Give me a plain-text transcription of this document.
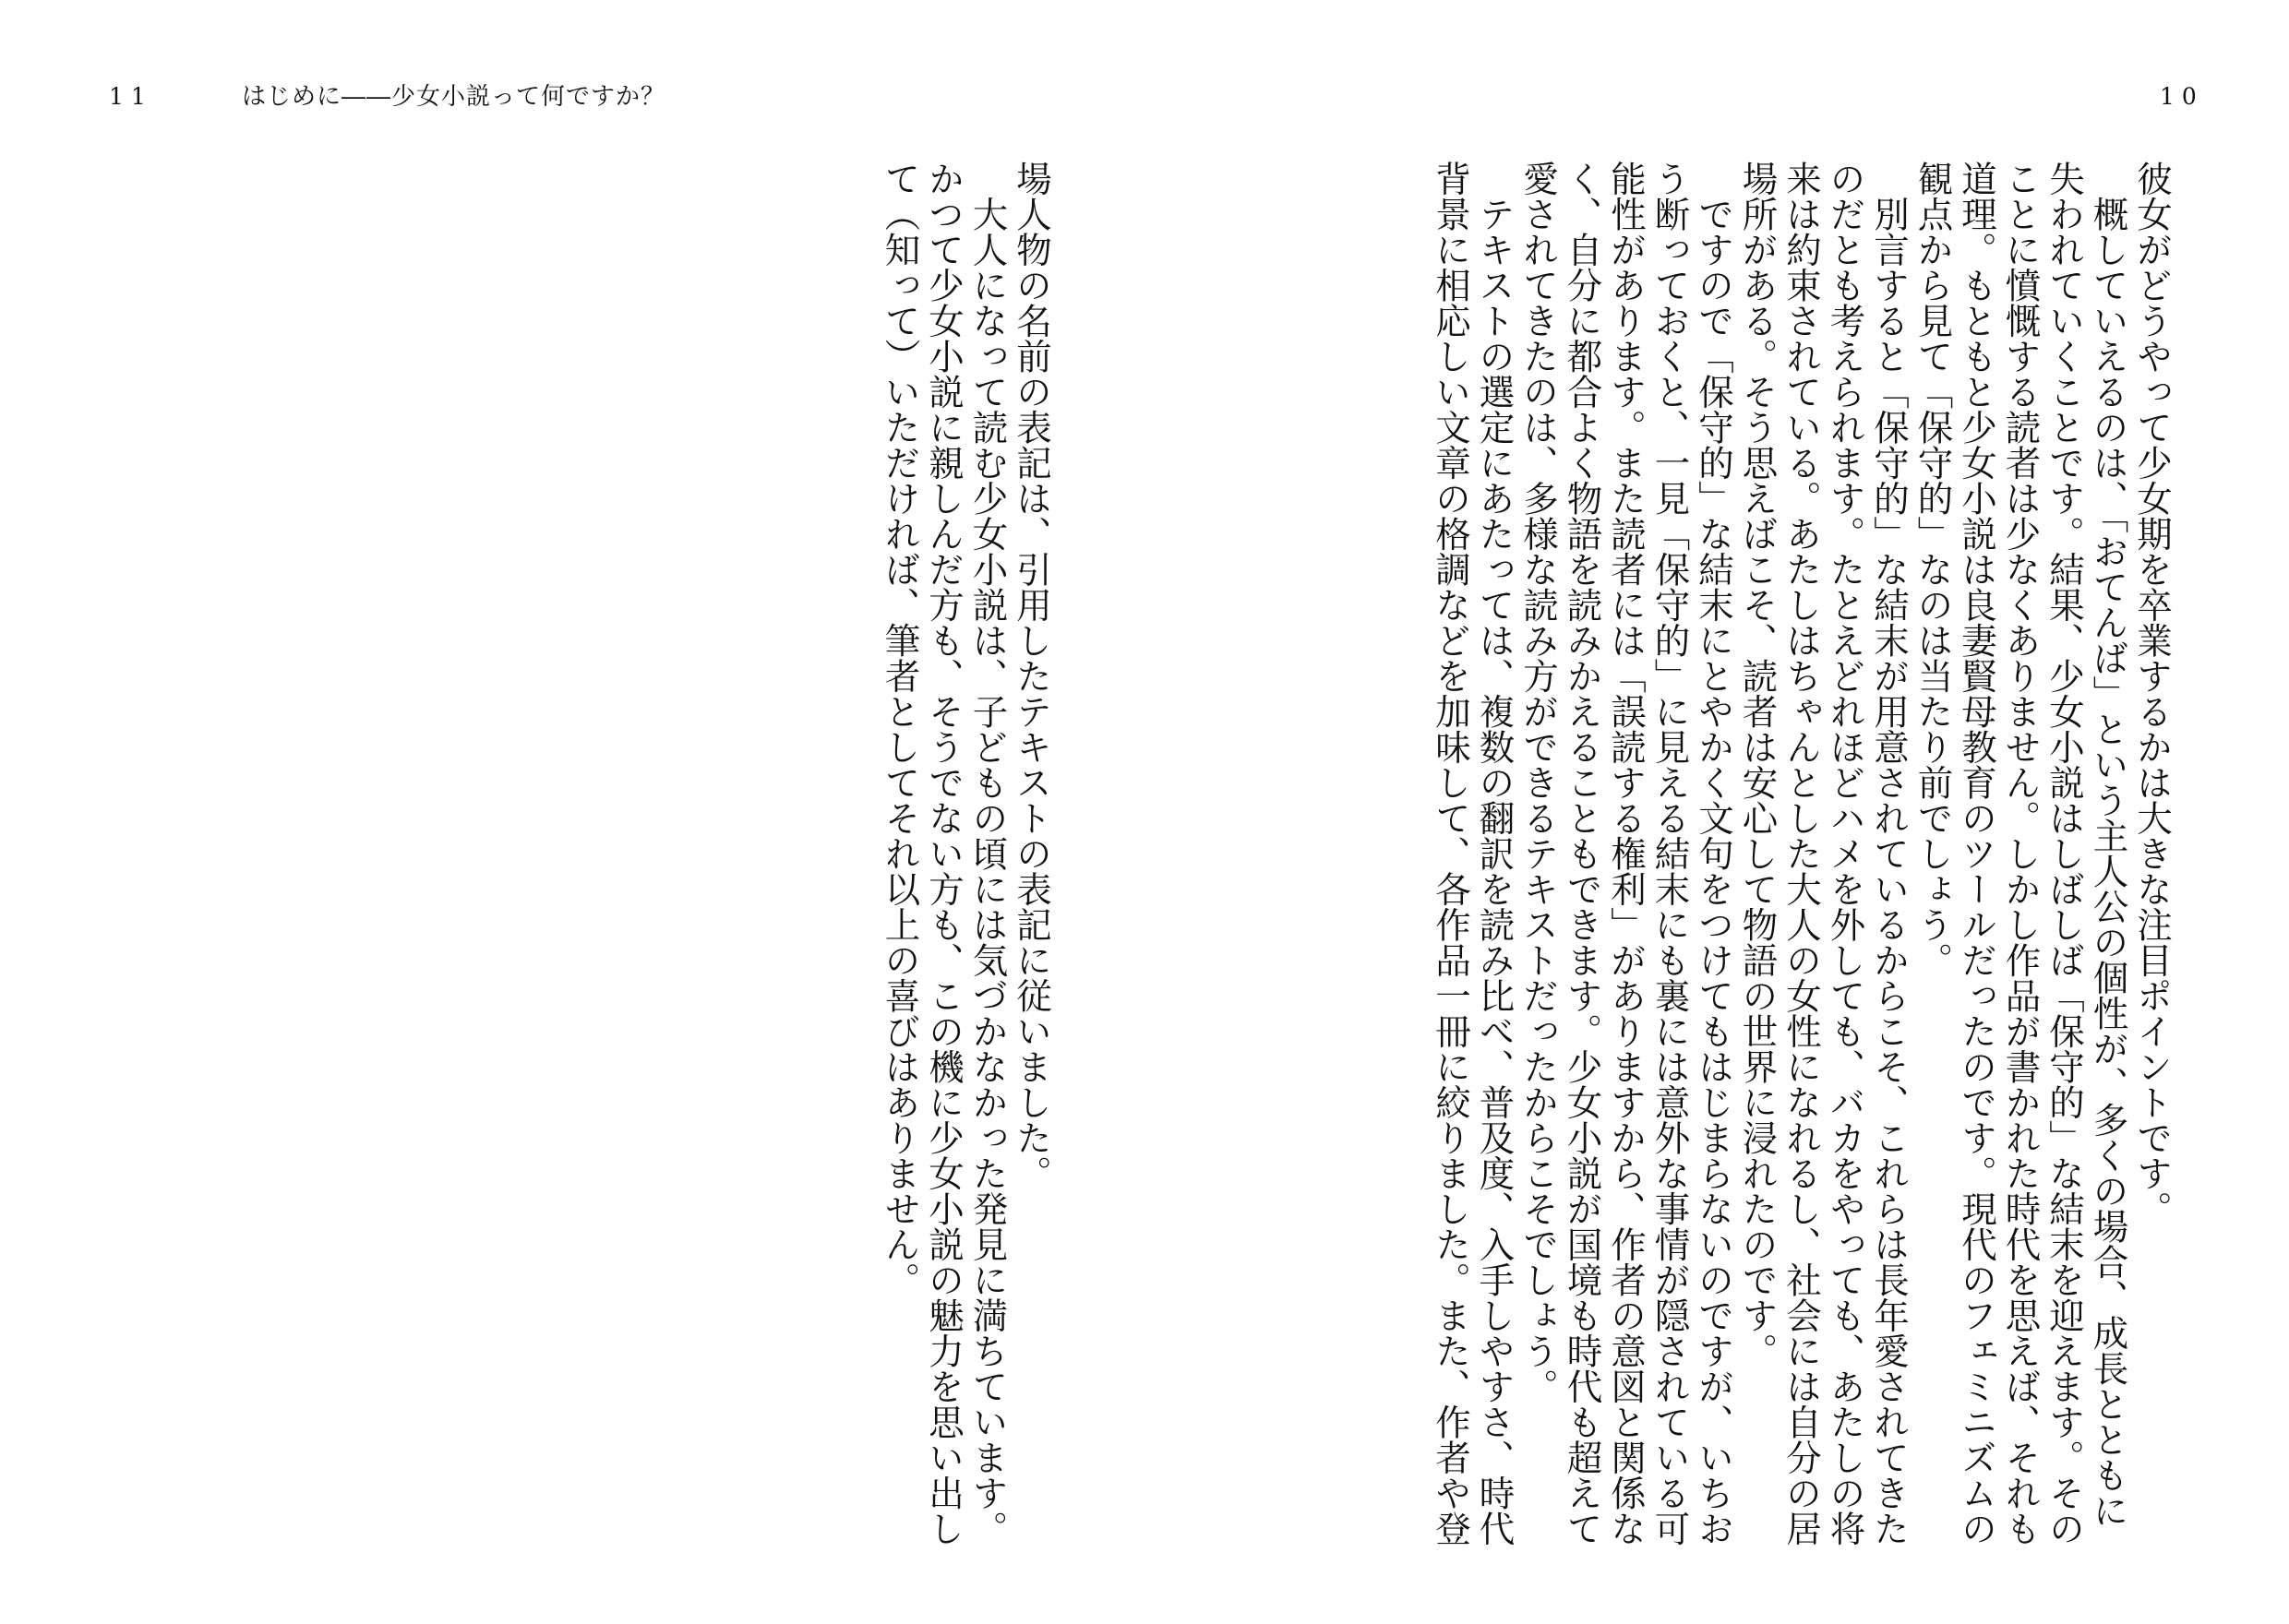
11	はじめに――少女小説って何ですか？	10
彼女がどうやって少女期を卒業するかは大きな注目ポイントです。
　概していえるのは、「おてんば」という主人公の個性が、多くの場合、成長とともに
失われていくことです。結果、少女小説はしばしば「保守的」な結末を迎えます。その
ことに憤慨する読者は少なくありません。しかし作品が書かれた時代を思えば、それも
道理。もともと少女小説は良妻賢母教育のツールだったのです。現代のフェミニズムの
観点から見て「保守的」なのは当たり前でしょう。
　別言すると「保守的」な結末が用意されているからこそ、これらは長年愛されてきた
のだとも考えられます。たとえどれほどハメを外しても、バカをやっても、あたしの将
来は約束されている。あたしはちゃんとした大人の女性になれるし、社会には自分の居
場所がある。そう思えばこそ、読者は安心して物語の世界に浸れたのです。
　ですので「保守的」な結末にとやかく文句をつけてもはじまらないのですが、いちお
う断っておくと、一見「保守的」に見える結末にも裏には意外な事情が隠されている可
能性があります。また読者には「誤読する権利」がありますから、作者の意図と関係な
く、自分に都合よく物語を読みかえることもできます。少女小説が国境も時代も超えて
愛されてきたのは、多様な読み方ができるテキストだったからこそでしょう。
　テキストの選定にあたっては、複数の翻訳を読み比べ、普及度、入手しやすさ、時代
背景に相応しい文章の格調などを加味して、各作品一冊に絞りました。また、作者や登
場人物の名前の表記は、引用したテキストの表記に従いました。
　大人になって読む少女小説は、子どもの頃には気づかなかった発見に満ちています。
かつて少女小説に親しんだ方も、そうでない方も、この機に少女小説の魅力を思い出し
て（知って）いただければ、筆者としてそれ以上の喜びはありません。
